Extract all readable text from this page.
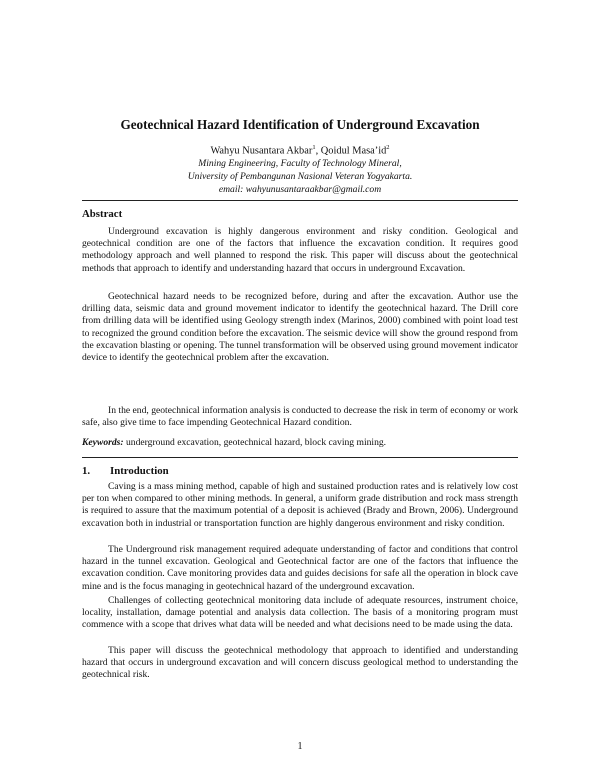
Geotechnical Hazard Identification of Underground Excavation
Wahyu Nusantara Akbar$^1$, Qoidul $Masa’id^2$
Mining Engineering, Faculty of Technology Mineral,
University of Pembangunan Nasional Veteran Yogyakarta.
email: wahyunusantaraakbar@gmail.com
Abstract

Underground excavation is highly dangerous environment and risky condition. Geological and geotechnical condition are one of the factors that influence the excavation condition. It requires good methodology approach and well planned to respond the risk. This paper will discuss about the geotechnical methods that approach to identify and understanding hazard that occurs in underground Excavation.

Geotechnical hazard needs to be recognized before, during and after the excavation. Author use the drilling data, seismic data and ground movement indicator to identify the geotechnical hazard. The Drill core from drilling data will be identified using Geology strength index (Marinos, 2000) combined with point load test to recognized the ground condition before the excavation. The seismic device will show the ground respond from the excavation blasting or opening. The tunnel transformation will be observed using ground movement indicator device to identify the geotechnical problem after the excavation.

In the end, geotechnical information analysis is conducted to decrease the risk in term of economy or work safe, also give time to face impending Geotechnical Hazard condition.

Keywords: underground excavation, geotechnical hazard, block caving mining.
1. Introduction

Caving is a mass mining method, capable of high and sustained production rates and is relatively low cost per ton when compared to other mining methods. In general, a uniform grade distribution and rock mass strength is required to assure that the maximum potential of a deposit is achieved (Brady and Brown, 2006). Underground excavation both in industrial or transportation function are highly dangerous environment and risky condition.

The Underground risk management required adequate understanding of factor and conditions that control hazard in the tunnel excavation. Geological and Geotechnical factor are one of the factors that influence the excavation condition. Cave monitoring provides data and guides decisions for safe all the operation in block cave mine and is the focus managing in geotechnical hazard of the underground excavation.

Challenges of collecting geotechnical monitoring data include of adequate resources, instrument choice, locality, installation, damage potential and analysis data collection. The basis of a monitoring program must commence with a scope that drives what data will be needed and what decisions need to be made using the data.

This paper will discuss the geotechnical methodology that approach to identified and understanding hazard that occurs in underground excavation and will concern discuss geological method to understanding the geotechnical risk.

1
